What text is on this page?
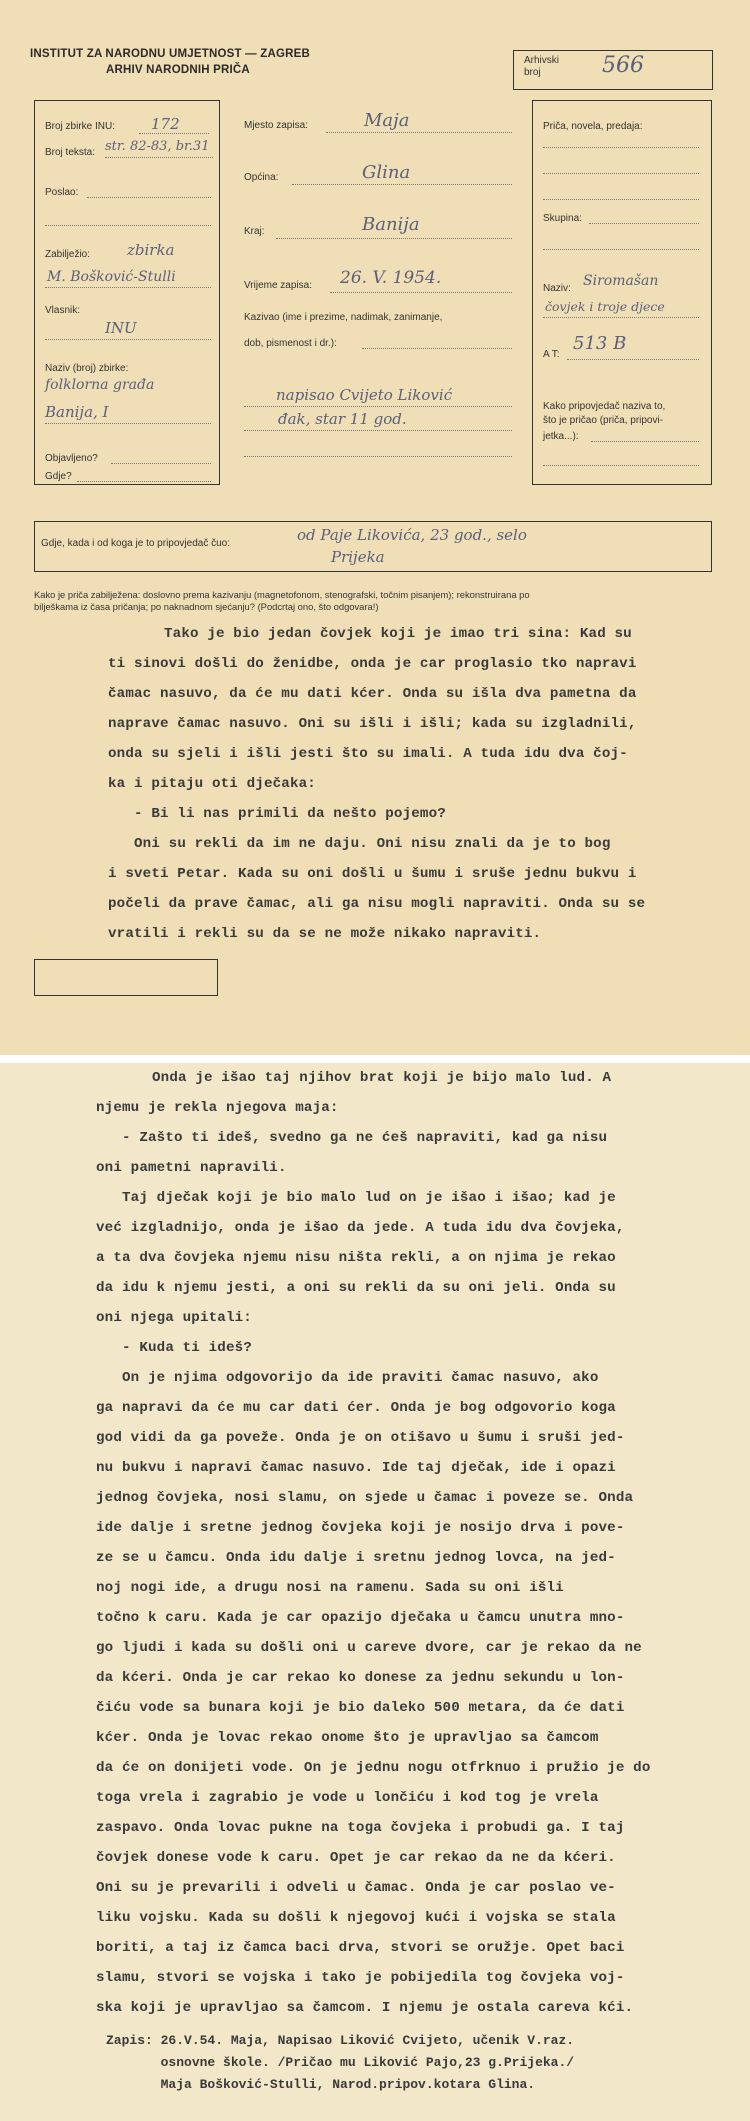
INSTITUT ZA NARODNU UMJETNOST — ZAGREB
ARHIV NARODNIH PRIČA
Arhivski broj	566
Broj zbirke INU: 172
Broj teksta: str. 82-83, br.31
Poslao:
Zabilježio: zbirka
M. Bošković-Stulli
Vlasnik:
INU
Naziv (broj) zbirke:
folklorna građa
Banija, I
Objavljeno?
Gdje?
Mjesto zapisa:	Maja
Općina:	Glina
Kraj:	Banija
Vrijeme zapisa: 26. V. 1954.
Kazivao (ime i prezime, nadimak, zanimanje,
dob, pismenost i dr.):
napisao Cvijeto Liković
đak, star 11 god.
Priča, novela, predaja:
Skupina:
Naziv: Siromašan
čovjek i troje djece
A T:
513 B
Kako pripovjedač naziva to,
što je pričao (priča, pripovi-
jetka...):
Gdje, kada i od koga je to pripovjedač čuo:	od Paje Likovića, 23 god., selo
Prijeka
Kako je priča zabilježena: doslovno prema kazivanju (magnetofonom, stenografski, točnim pisanjem); rekonstruirana po
bilješkama iz časa pričanja; po naknadnom sjećanju? (Podcrtaj ono, što odgovara!)
Tako je bio jedan čovjek koji je imao tri sina: Kad su
ti sinovi došli do ženidbe, onda je car proglasio tko napravi
čamac nasuvo, da će mu dati kćer. Onda su išla dva pametna da
naprave čamac nasuvo. Oni su išli i išli; kada su izgladnili,
onda su sjeli i išli jesti što su imali. A tuda idu dva čoj-
ka i pitaju oti dječaka:
- Bi li nas primili da nešto pojemo?
Oni su rekli da im ne daju. Oni nisu znali da je to bog
i sveti Petar. Kada su oni došli u šumu i sruše jednu bukvu i
počeli da prave čamac, ali ga nisu mogli napraviti. Onda su se
vratili i rekli su da se ne može nikako napraviti.
Onda je išao taj njihov brat koji je bijo malo lud. A
njemu je rekla njegova maja:
- Zašto ti ideš, svedno ga ne ćeš napraviti, kad ga nisu
oni pametni napravili.
Taj dječak koji je bio malo lud on je išao i išao; kad je
već izgladnijo, onda je išao da jede. A tuda idu dva čovjeka,
a ta dva čovjeka njemu nisu ništa rekli, a on njima je rekao
da idu k njemu jesti, a oni su rekli da su oni jeli. Onda su
oni njega upitali:
- Kuda ti ideš?
On je njima odgovorijo da ide praviti čamac nasuvo, ako
ga napravi da će mu car dati ćer. Onda je bog odgovorio koga
god vidi da ga poveže. Onda je on otišavo u šumu i sruši jed-
nu bukvu i napravi čamac nasuvo. Ide taj dječak, ide i opazi
jednog čovjeka, nosi slamu, on sjede u čamac i poveze se. Onda
ide dalje i sretne jednog čovjeka koji je nosijo drva i pove-
ze se u čamcu. Onda idu dalje i sretnu jednog lovca, na jed-
noj nogi ide, a drugu nosi na ramenu. Sada su oni išli
točno k caru. Kada je car opazijo dječaka u čamcu unutra mno-
go ljudi i kada su došli oni u careve dvore, car je rekao da ne
da kćeri. Onda je car rekao ko donese za jednu sekundu u lon-
čiću vode sa bunara koji je bio daleko 500 metara, da će dati
kćer. Onda je lovac rekao onome što je upravljao sa čamcom
da će on donijeti vode. On je jednu nogu otfrknuo i pružio je do
toga vrela i zagrabio je vode u lončiću i kod tog je vrela
zaspavo. Onda lovac pukne na toga čovjeka i probudi ga. I taj
čovjek donese vode k caru. Opet je car rekao da ne da kćeri.
Oni su je prevarili i odveli u čamac. Onda je car poslao ve-
liku vojsku. Kada su došli k njegovoj kući i vojska se stala
boriti, a taj iz čamca baci drva, stvori se oružje. Opet baci
slamu, stvori se vojska i tako je pobijedila tog čovjeka voj-
ska koji je upravljao sa čamcom. I njemu je ostala careva kći.
Zapis: 26.V.54. Maja, Napisao Liković Cvijeto, učenik V.raz.
osnovne škole. /Pričao mu Liković Pajo,23 g.Prijeka./
Maja Bošković-Stulli, Narod.pripov.kotara Glina.
